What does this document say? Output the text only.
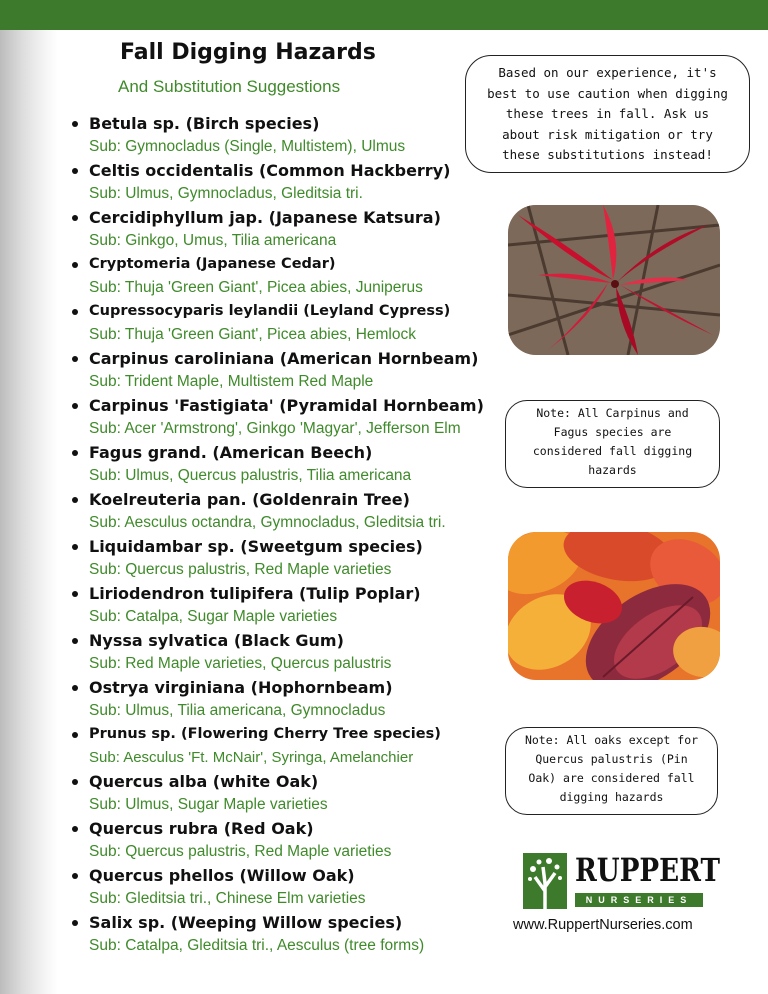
Fall Digging Hazards
And Substitution Suggestions
Betula sp. (Birch species)
Sub: Gymnocladus (Single, Multistem), Ulmus
Celtis occidentalis (Common Hackberry)
Sub: Ulmus, Gymnocladus, Gleditsia tri.
Cercidiphyllum jap. (Japanese Katsura)
Sub: Ginkgo, Umus, Tilia americana
Cryptomeria (Japanese Cedar)
Sub: Thuja 'Green Giant', Picea abies, Juniperus
Cupressocyparis leylandii (Leyland Cypress)
Sub: Thuja 'Green Giant', Picea abies, Hemlock
Carpinus caroliniana (American Hornbeam)
Sub: Trident Maple, Multistem Red Maple
Carpinus 'Fastigiata' (Pyramidal Hornbeam)
Sub: Acer 'Armstrong', Ginkgo 'Magyar', Jefferson Elm
Fagus grand. (American Beech)
Sub: Ulmus, Quercus palustris, Tilia americana
Koelreuteria pan. (Goldenrain Tree)
Sub: Aesculus octandra, Gymnocladus, Gleditsia tri.
Liquidambar sp. (Sweetgum species)
Sub: Quercus palustris, Red Maple varieties
Liriodendron tulipifera (Tulip Poplar)
Sub: Catalpa, Sugar Maple varieties
Nyssa sylvatica (Black Gum)
Sub: Red Maple varieties, Quercus palustris
Ostrya virginiana (Hophornbeam)
Sub: Ulmus, Tilia americana, Gymnocladus
Prunus sp. (Flowering Cherry Tree species)
Sub: Aesculus 'Ft. McNair', Syringa, Amelanchier
Quercus alba (white Oak)
Sub: Ulmus, Sugar Maple varieties
Quercus rubra (Red Oak)
Sub: Quercus palustris, Red Maple varieties
Quercus phellos (Willow Oak)
Sub: Gleditsia tri., Chinese Elm varieties
Salix sp. (Weeping Willow species)
Sub: Catalpa, Gleditsia tri., Aesculus (tree forms)
Based on our experience, it's
best to use caution when digging
these trees in fall. Ask us
about risk mitigation or try
these substitutions instead!
Note: All Carpinus and
Fagus species are
considered fall digging
hazards
Note: All oaks except for
Quercus palustris (Pin
Oak) are considered fall
digging hazards
RUPPERT
NURSERIES
www.RuppertNurseries.com
